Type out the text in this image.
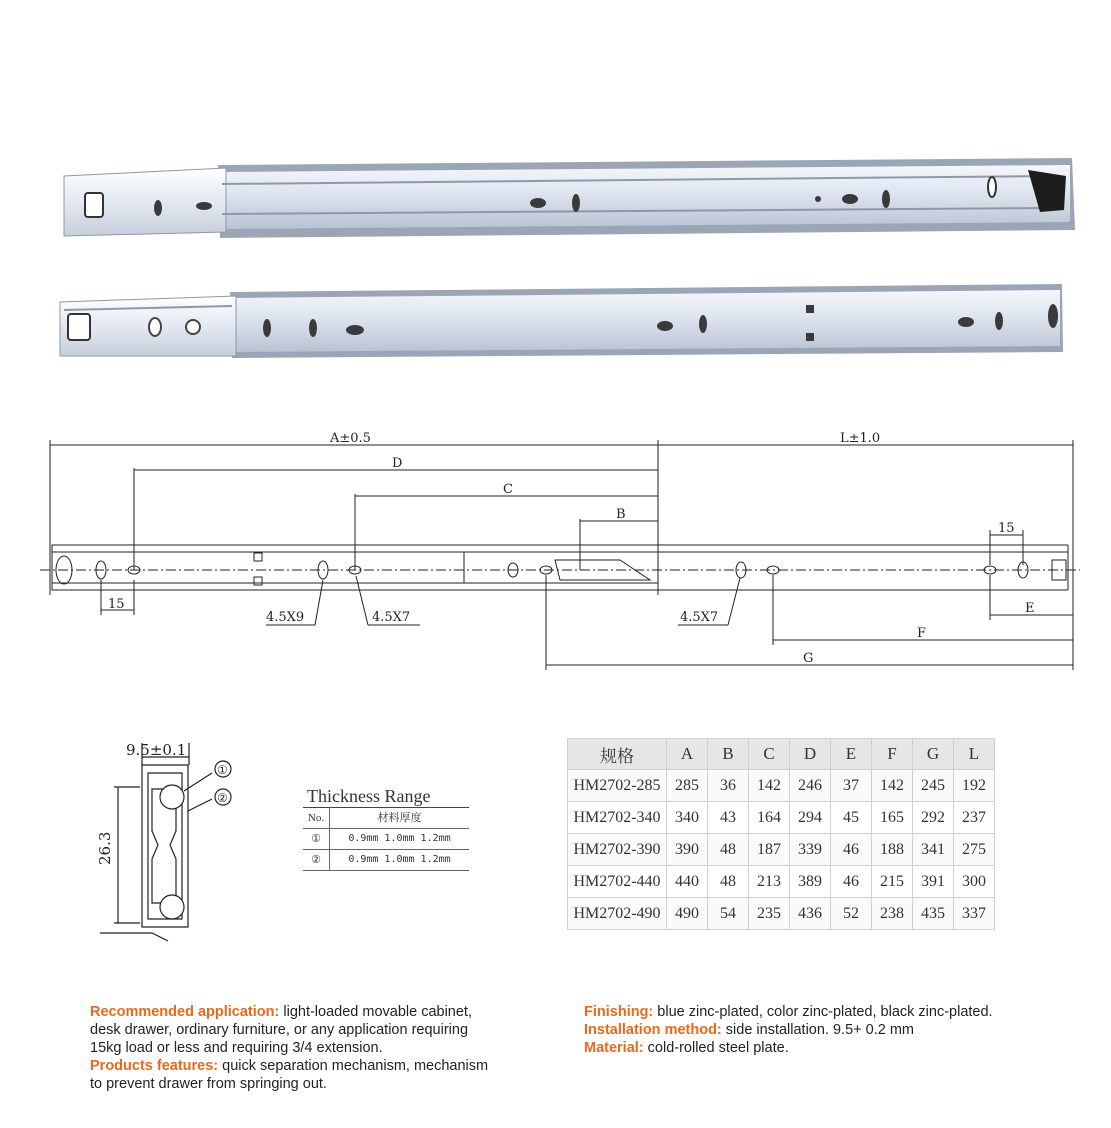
A±0.5	L±1.0
D
C
B
15
15	E
F
G
4.5X9	4.5X7	4.5X7
9.5±0.1
26.3
①
②	Thickness Range
No.	材料厚度
①	0.9mm 1.0mm 1.2mm
②	0.9mm 1.0mm 1.2mm
规格	A	B	C	D	E	F	G	L
HM2702-285	285	36	142	246	37	142	245	192
HM2702-340	340	43	164	294	45	165	292	237
HM2702-390	390	48	187	339	46	188	341	275
HM2702-440	440	48	213	389	46	215	391	300
HM2702-490	490	54	235	436	52	238	435	337
Recommended application: light-loaded movable cabinet,
desk drawer, ordinary furniture, or any application requiring
15kg load or less and requiring 3/4 extension.
Products features: quick separation mechanism, mechanism
to prevent drawer from springing out.
Finishing: blue zinc-plated, color zinc-plated, black zinc-plated.
Installation method: side installation. 9.5+ 0.2 mm
Material: cold-rolled steel plate.
